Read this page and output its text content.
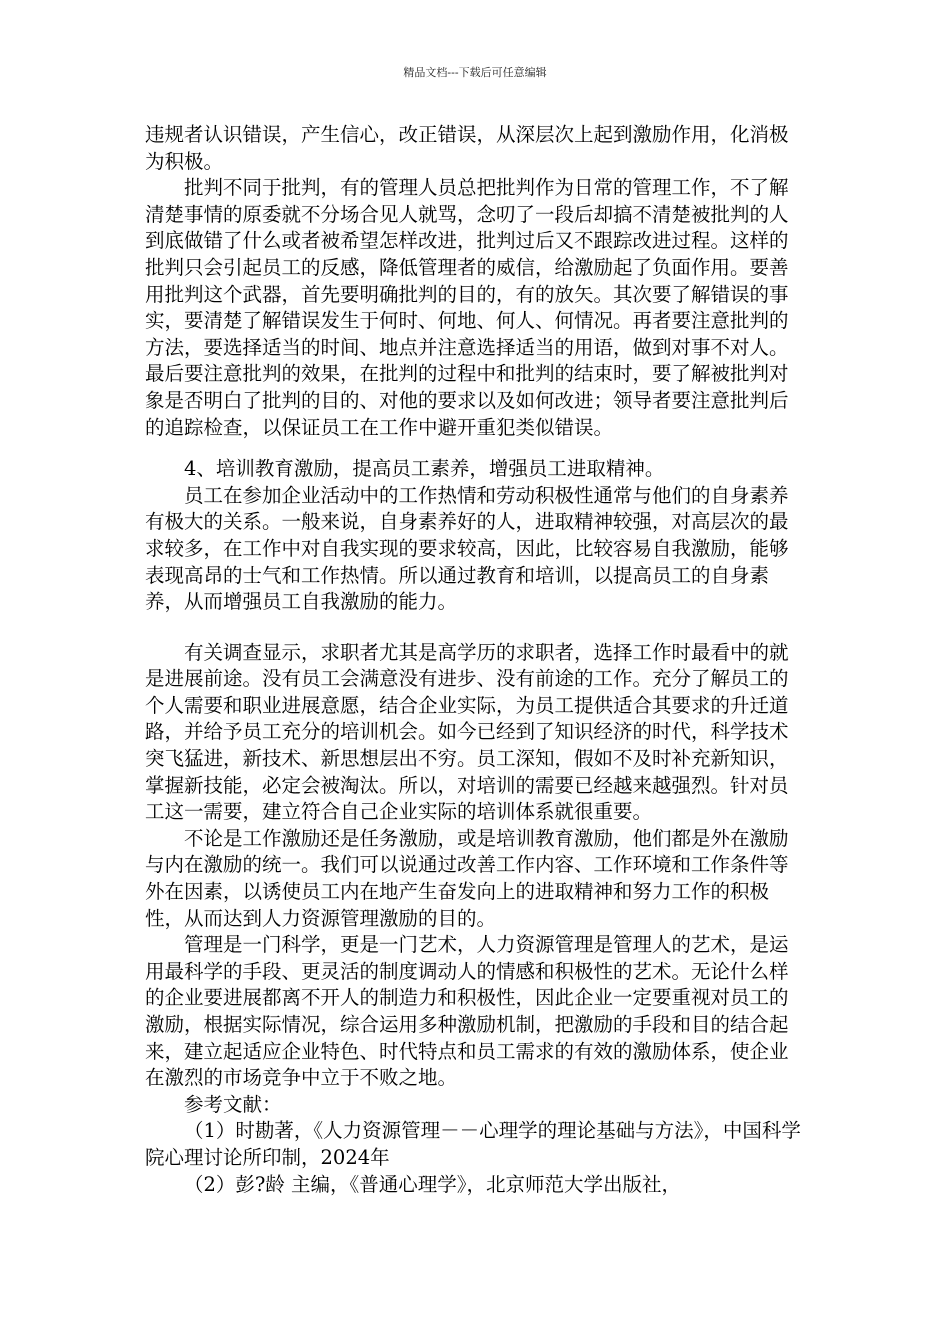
精品文档---下载后可任意编辑

违规者认识错误，产生信心，改正错误，从深层次上起到激励作用，化消极为积极。

批判不同于批判，有的管理人员总把批判作为日常的管理工作，不了解清楚事情的原委就不分场合见人就骂，念叨了一段后却搞不清楚被批判的人到底做错了什么或者被希望怎样改进，批判过后又不跟踪改进过程。这样的批判只会引起员工的反感，降低管理者的威信，给激励起了负面作用。要善用批判这个武器，首先要明确批判的目的，有的放矢。其次要了解错误的事实，要清楚了解错误发生于何时、何地、何人、何情况。再者要注意批判的方法，要选择适当的时间、地点并注意选择适当的用语，做到对事不对人。最后要注意批判的效果，在批判的过程中和批判的结束时，要了解被批判对象是否明白了批判的目的、对他的要求以及如何改进；领导者要注意批判后的追踪检查，以保证员工在工作中避开重犯类似错误。

4、培训教育激励，提高员工素养，增强员工进取精神。

员工在参加企业活动中的工作热情和劳动积极性通常与他们的自身素养有极大的关系。一般来说，自身素养好的人，进取精神较强，对高层次的最求较多，在工作中对自我实现的要求较高，因此，比较容易自我激励，能够表现高昂的士气和工作热情。所以通过教育和培训，以提高员工的自身素养，从而增强员工自我激励的能力。

有关调查显示，求职者尤其是高学历的求职者，选择工作时最看中的就是进展前途。没有员工会满意没有进步、没有前途的工作。充分了解员工的个人需要和职业进展意愿，结合企业实际，为员工提供适合其要求的升迁道路，并给予员工充分的培训机会。如今已经到了知识经济的时代，科学技术突飞猛进，新技术、新思想层出不穷。员工深知，假如不及时补充新知识，掌握新技能，必定会被淘汰。所以，对培训的需要已经越来越强烈。针对员工这一需要，建立符合自己企业实际的培训体系就很重要。

不论是工作激励还是任务激励，或是培训教育激励，他们都是外在激励与内在激励的统一。我们可以说通过改善工作内容、工作环境和工作条件等外在因素，以诱使员工内在地产生奋发向上的进取精神和努力工作的积极性，从而达到人力资源管理激励的目的。

管理是一门科学，更是一门艺术，人力资源管理是管理人的艺术，是运用最科学的手段、更灵活的制度调动人的情感和积极性的艺术。无论什么样的企业要进展都离不开人的制造力和积极性，因此企业一定要重视对员工的激励，根据实际情况，综合运用多种激励机制，把激励的手段和目的结合起来，建立起适应企业特色、时代特点和员工需求的有效的激励体系，使企业在激烈的市场竞争中立于不败之地。

参考文献：

（1）时勘著，《人力资源管理－－心理学的理论基础与方法》，中国科学院心理讨论所印制，2024年

（2）彭?龄 主编，《普通心理学》，北京师范大学出版社，
